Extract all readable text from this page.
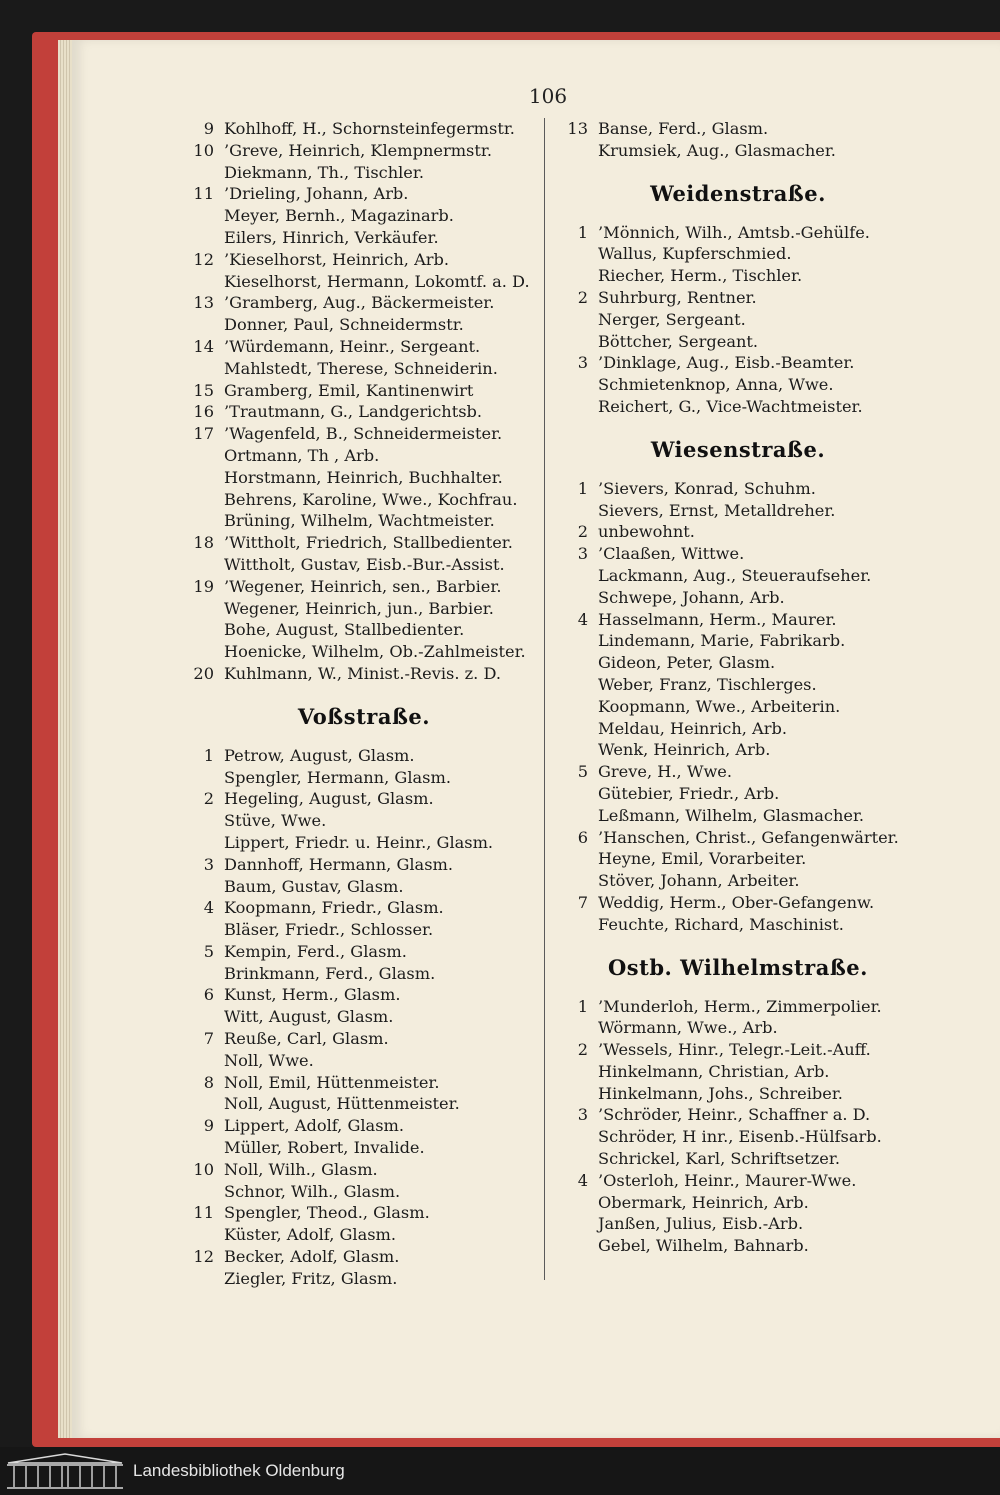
106
9 Kohlhoff, H., Schornsteinfegermstr.
10 ’Greve, Heinrich, Klempnermstr.
Diekmann, Th., Tischler.
11 ’Drieling, Johann, Arb.
Meyer, Bernh., Magazinarb.
Eilers, Hinrich, Verkäufer.
12 ’Kieselhorst, Heinrich, Arb.
Kieselhorst, Hermann, Lokomtf. a. D.
13 ’Gramberg, Aug., Bäckermeister.
Donner, Paul, Schneidermstr.
14 ’Würdemann, Heinr., Sergeant.
Mahlstedt, Therese, Schneiderin.
15 Gramberg, Emil, Kantinenwirt
16 ’Trautmann, G., Landgerichtsb.
17 ’Wagenfeld, B., Schneidermeister.
Ortmann, Th , Arb.
Horstmann, Heinrich, Buchhalter.
Behrens, Karoline, Wwe., Kochfrau.
Brüning, Wilhelm, Wachtmeister.
18 ’Wittholt, Friedrich, Stallbedienter.
Wittholt, Gustav, Eisb.-Bur.-Assist.
19 ’Wegener, Heinrich, sen., Barbier.
Wegener, Heinrich, jun., Barbier.
Bohe, August, Stallbedienter.
Hoenicke, Wilhelm, Ob.-Zahlmeister.
20 Kuhlmann, W., Minist.-Revis. z. D.
Voßstraße.
1 Petrow, August, Glasm.
Spengler, Hermann, Glasm.
2 Hegeling, August, Glasm.
Stüve, Wwe.
Lippert, Friedr. u. Heinr., Glasm.
3 Dannhoff, Hermann, Glasm.
Baum, Gustav, Glasm.
4 Koopmann, Friedr., Glasm.
Bläser, Friedr., Schlosser.
5 Kempin, Ferd., Glasm.
Brinkmann, Ferd., Glasm.
6 Kunst, Herm., Glasm.
Witt, August, Glasm.
7 Reuße, Carl, Glasm.
Noll, Wwe.
8 Noll, Emil, Hüttenmeister.
Noll, August, Hüttenmeister.
9 Lippert, Adolf, Glasm.
Müller, Robert, Invalide.
10 Noll, Wilh., Glasm.
Schnor, Wilh., Glasm.
11 Spengler, Theod., Glasm.
Küster, Adolf, Glasm.
12 Becker, Adolf, Glasm.
Ziegler, Fritz, Glasm.
13 Banse, Ferd., Glasm.
Krumsiek, Aug., Glasmacher.
Weidenstraße.
1 ’Mönnich, Wilh., Amtsb.-Gehülfe.
Wallus, Kupferschmied.
Riecher, Herm., Tischler.
2 Suhrburg, Rentner.
Nerger, Sergeant.
Böttcher, Sergeant.
3 ’Dinklage, Aug., Eisb.-Beamter.
Schmietenknop, Anna, Wwe.
Reichert, G., Vice-Wachtmeister.
Wiesenstraße.
1 ’Sievers, Konrad, Schuhm.
Sievers, Ernst, Metalldreher.
2 unbewohnt.
3 ’Claaßen, Wittwe.
Lackmann, Aug., Steueraufseher.
Schwepe, Johann, Arb.
4 Hasselmann, Herm., Maurer.
Lindemann, Marie, Fabrikarb.
Gideon, Peter, Glasm.
Weber, Franz, Tischlerges.
Koopmann, Wwe., Arbeiterin.
Meldau, Heinrich, Arb.
Wenk, Heinrich, Arb.
5 Greve, H., Wwe.
Gütebier, Friedr., Arb.
Leßmann, Wilhelm, Glasmacher.
6 ’Hanschen, Christ., Gefangenwärter.
Heyne, Emil, Vorarbeiter.
Stöver, Johann, Arbeiter.
7 Weddig, Herm., Ober-Gefangenw.
Feuchte, Richard, Maschinist.
Ostb. Wilhelmstraße.
1 ’Munderloh, Herm., Zimmerpolier.
Wörmann, Wwe., Arb.
2 ’Wessels, Hinr., Telegr.-Leit.-Auff.
Hinkelmann, Christian, Arb.
Hinkelmann, Johs., Schreiber.
3 ’Schröder, Heinr., Schaffner a. D.
Schröder, H inr., Eisenb.-Hülfsarb.
Schrickel, Karl, Schriftsetzer.
4 ’Osterloh, Heinr., Maurer-Wwe.
Obermark, Heinrich, Arb.
Janßen, Julius, Eisb.-Arb.
Gebel, Wilhelm, Bahnarb.
Landesbibliothek Oldenburg
